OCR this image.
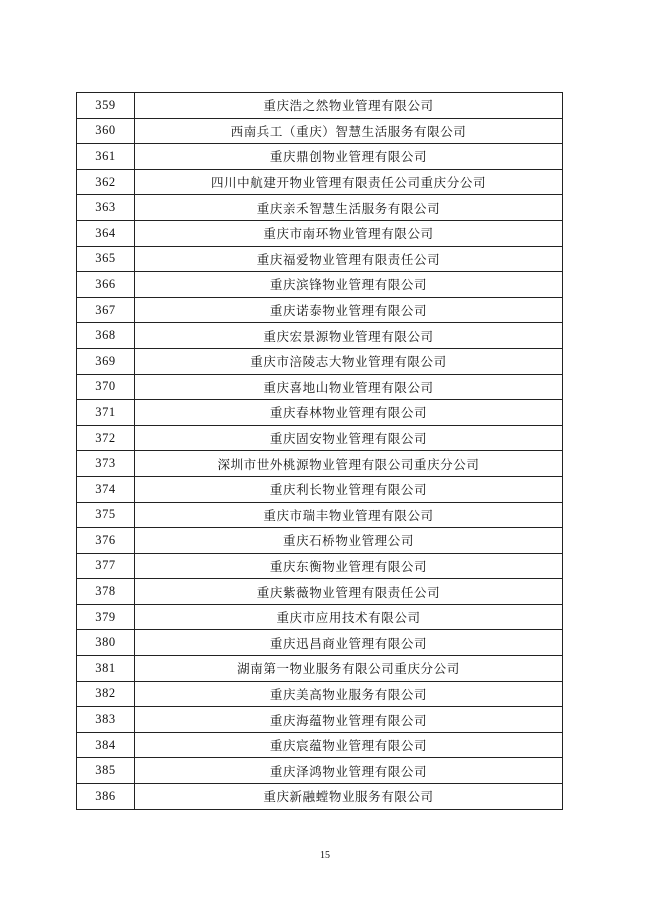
359	重庆浩之然物业管理有限公司
360	西南兵工（重庆）智慧生活服务有限公司
361	重庆鼎创物业管理有限公司
362	四川中航建开物业管理有限责任公司重庆分公司
363	重庆亲禾智慧生活服务有限公司
364	重庆市南环物业管理有限公司
365	重庆福爱物业管理有限责任公司
366	重庆滨锋物业管理有限公司
367	重庆诺泰物业管理有限公司
368	重庆宏景源物业管理有限公司
369	重庆市涪陵志大物业管理有限公司
370	重庆喜地山物业管理有限公司
371	重庆春林物业管理有限公司
372	重庆固安物业管理有限公司
373	深圳市世外桃源物业管理有限公司重庆分公司
374	重庆利长物业管理有限公司
375	重庆市瑞丰物业管理有限公司
376	重庆石桥物业管理公司
377	重庆东衡物业管理有限公司
378	重庆紫薇物业管理有限责任公司
379	重庆市应用技术有限公司
380	重庆迅昌商业管理有限公司
381	湖南第一物业服务有限公司重庆分公司
382	重庆美高物业服务有限公司
383	重庆海蕴物业管理有限公司
384	重庆宸蕴物业管理有限公司
385	重庆泽鸿物业管理有限公司
386	重庆新融螳物业服务有限公司
15
